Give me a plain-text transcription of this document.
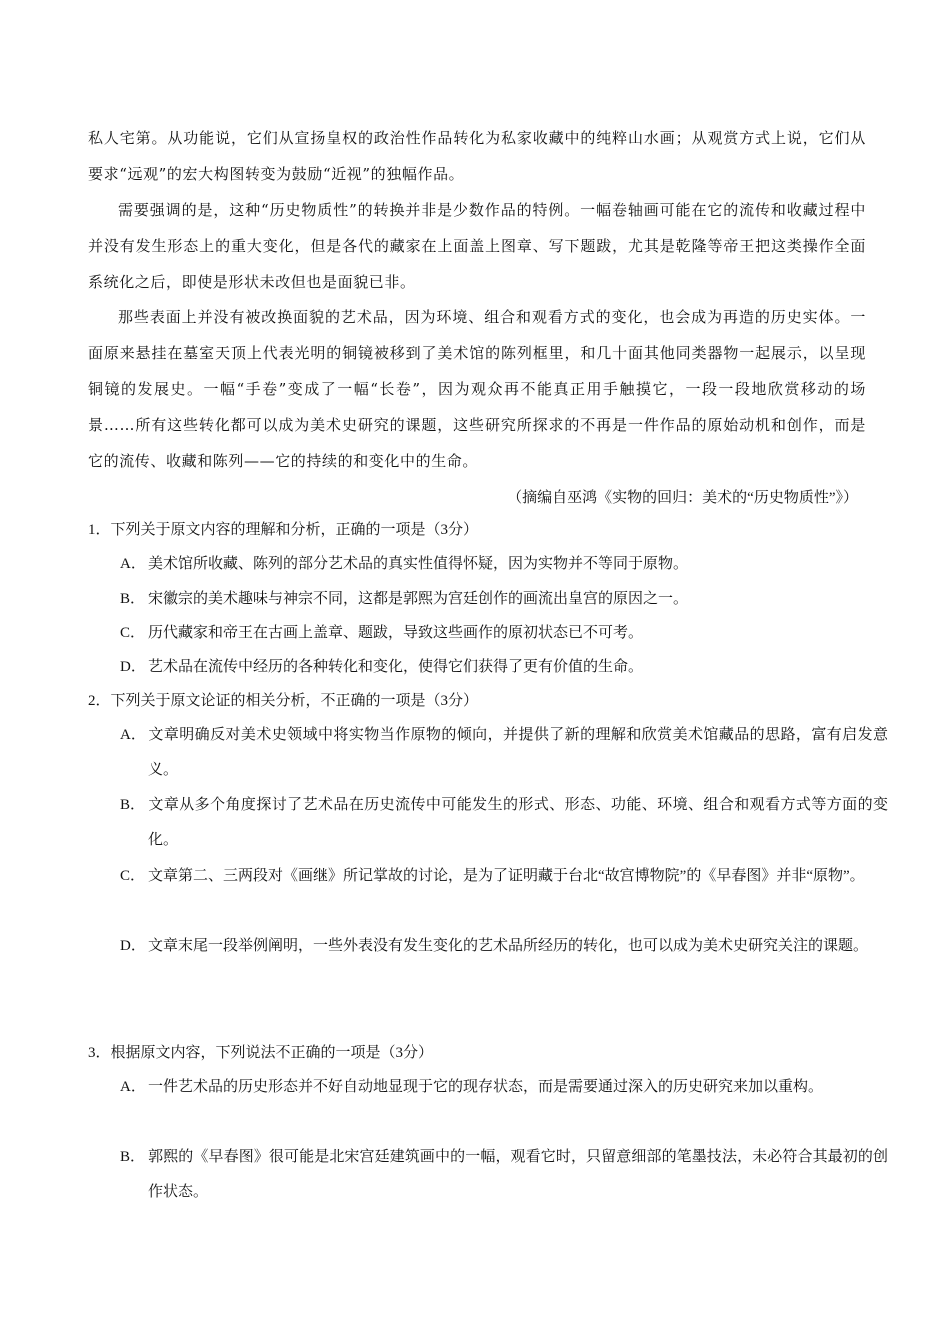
私人宅第。从功能说，它们从宣扬皇权的政治性作品转化为私家收藏中的纯粹山水画；从观赏方式上说，它们从要求“远观”的宏大构图转变为鼓励“近视”的独幅作品。
需要强调的是，这种“历史物质性”的转换并非是少数作品的特例。一幅卷轴画可能在它的流传和收藏过程中并没有发生形态上的重大变化，但是各代的藏家在上面盖上图章、写下题跋，尤其是乾隆等帝王把这类操作全面系统化之后，即使是形状未改但也是面貌已非。
那些表面上并没有被改换面貌的艺术品，因为环境、组合和观看方式的变化，也会成为再造的历史实体。一面原来悬挂在墓室天顶上代表光明的铜镜被移到了美术馆的陈列框里，和几十面其他同类器物一起展示，以呈现铜镜的发展史。一幅“手卷”变成了一幅“长卷”，因为观众再不能真正用手触摸它，一段一段地欣赏移动的场景……所有这些转化都可以成为美术史研究的课题，这些研究所探求的不再是一件作品的原始动机和创作，而是它的流传、收藏和陈列——它的持续的和变化中的生命。
（摘编自巫鸿《实物的回归：美术的“历史物质性”》）
1．下列关于原文内容的理解和分析，正确的一项是（3分）
A． 美术馆所收藏、陈列的部分艺术品的真实性值得怀疑，因为实物并不等同于原物。
B． 宋徽宗的美术趣味与神宗不同，这都是郭熙为宫廷创作的画流出皇宫的原因之一。
C． 历代藏家和帝王在古画上盖章、题跋，导致这些画作的原初状态已不可考。
D． 艺术品在流传中经历的各种转化和变化，使得它们获得了更有价值的生命。
2．下列关于原文论证的相关分析，不正确的一项是（3分）
A． 文章明确反对美术史领域中将实物当作原物的倾向，并提供了新的理解和欣赏美术馆藏品的思路，富有启发意义。
B． 文章从多个角度探讨了艺术品在历史流传中可能发生的形式、形态、功能、环境、组合和观看方式等方面的变化。
C． 文章第二、三两段对《画继》所记掌故的讨论，是为了证明藏于台北“故宫博物院”的《早春图》并非“原物”。
D． 文章末尾一段举例阐明，一些外表没有发生变化的艺术品所经历的转化，也可以成为美术史研究关注的课题。
3．根据原文内容，下列说法不正确的一项是（3分）
A． 一件艺术品的历史形态并不好自动地显现于它的现存状态，而是需要通过深入的历史研究来加以重构。
B． 郭熙的《早春图》很可能是北宋宫廷建筑画中的一幅，观看它时，只留意细部的笔墨技法，未必符合其最初的创作状态。
